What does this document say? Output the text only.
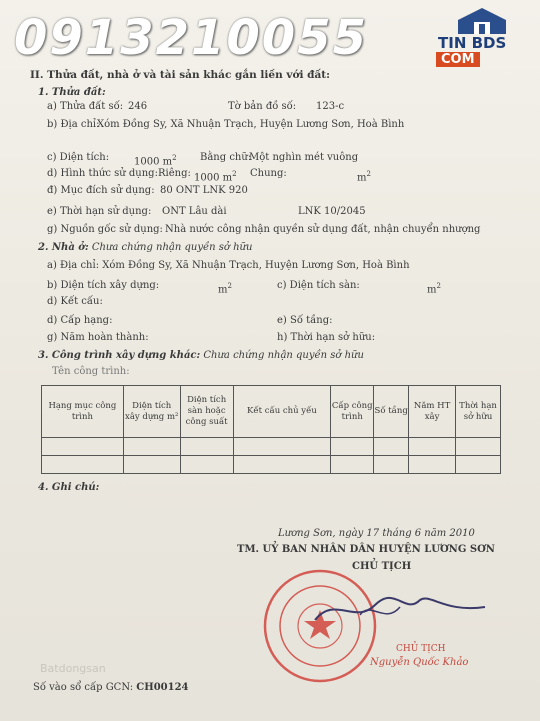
0913210055	TIN BDS
COM
II. Thửa đất, nhà ở và tài sản khác gắn liền với đất:
1. Thửa đất:
a) Thửa đất số: 246	Tờ bản đồ số: 123-c
b) Địa chỉ:
Xóm Đồng Sy, Xã Nhuận Trạch, Huyện Lương Sơn, Hoà Bình
c) Diện tích: 1000 $m^2$ Bằng chữ:
Một nghìn mét vuông
d) Hình thức sử dụng: Riêng: 1000 $m^2$ Chung:	$m^2$
đ) Mục đích sử dụng: 80 ONT LNK 920
e) Thời hạn sử dụng: ONT Lâu dài	LNK 10/2045
g) Nguồn gốc sử dụng: Nhà nước công nhận quyền sử dụng đất, nhận chuyển nhượng
2. Nhà ở: Chưa chứng nhận quyền sở hữu
a) Địa chỉ: Xóm Đồng Sy, Xã Nhuận Trạch, Huyện Lương Sơn, Hoà Bình
b) Diện tích xây dựng:	$m^2$	c) Diện tích sàn:	$m^2$
d) Kết cấu:
d) Cấp hạng:	e) Số tầng:
g) Năm hoàn thành:	h) Thời hạn sở hữu:
3. Công trình xây dựng khác: Chưa chứng nhận quyền sở hữu
Tên công trình:
Hạng mục công trình	Diện tích xây dựng m²	Diện tích sàn hoặc công suất	Kết cấu chủ yếu	Cấp công trình	Số tầng	Năm HT xây	Thời hạn sở hữu

4. Ghi chú:
Lương Sơn, ngày 17 tháng 6 năm 2010
TM. UỶ BAN NHÂN DÂN HUYỆN LƯƠNG SƠN
CHỦ TỊCH
CHỦ TỊCH
Nguyễn Quốc Khảo
Batdongsan
Số vào sổ cấp GCN: CH00124
